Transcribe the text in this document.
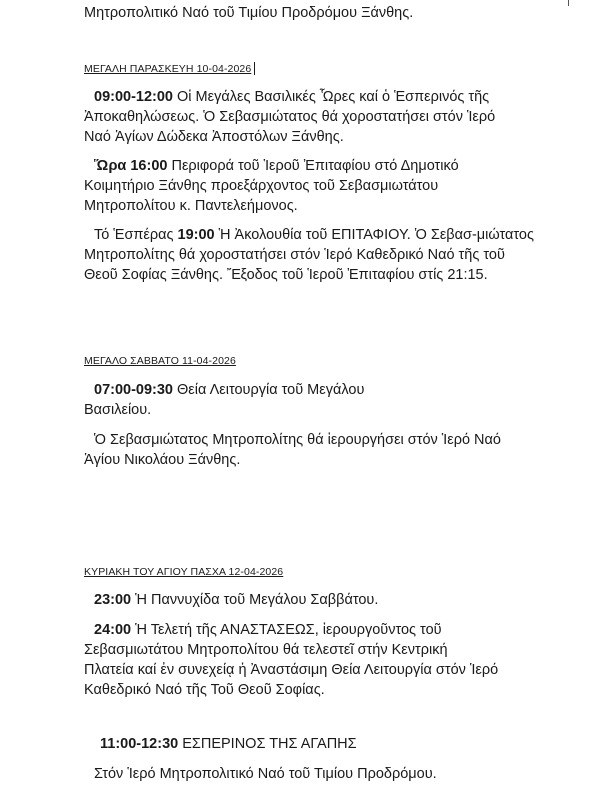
Μητροπολιτικό Ναό τοῦ Τιμίου Προδρόμου Ξάνθης.
ΜΕΓΑΛΗ ΠΑΡΑΣΚΕΥΗ 10-04-2026
09:00-12:00 Οἱ Μεγάλες Βασιλικές Ὧρες καί ὁ Ἑσπερινός τῆς
Ἀποκαθηλώσεως. Ὁ Σεβασμιώτατος θά χοροστατήσει στόν Ἱερό
Ναό Ἁγίων Δώδεκα Ἀποστόλων Ξάνθης.
Ὥρα 16:00 Περιφορά τοῦ Ἱεροῦ Ἐπιταφίου στό Δημοτικό
Κοιμητήριο Ξάνθης προεξάρχοντος τοῦ Σεβασμιωτάτου
Μητροπολίτου κ. Παντελεήμονος.
Τό Ἑσπέρας 19:00 Ἡ Ἀκολουθία τοῦ ΕΠΙΤΑΦΙΟΥ. Ὁ Σεβασ-μιώτατος
Μητροπολίτης θά χοροστατήσει στόν Ἱερό Καθεδρικό Ναό τῆς τοῦ
Θεοῦ Σοφίας Ξάνθης. Ἔξοδος τοῦ Ἱεροῦ Ἐπιταφίου στίς 21:15.
ΜΕΓΑΛΟ ΣΑΒΒΑΤΟ 11-04-2026
07:00-09:30 Θεία Λειτουργία τοῦ Μεγάλου
Βασιλείου.
Ὁ Σεβασμιώτατος Μητροπολίτης θά ἱερουργήσει στόν Ἱερό Ναό
Ἁγίου Νικολάου Ξάνθης.
ΚΥΡΙΑΚΗ ΤΟΥ ΑΓΙΟΥ ΠΑΣΧΑ 12-04-2026
23:00 Ἡ Παννυχίδα τοῦ Μεγάλου Σαββάτου.
24:00 Ἡ Τελετή τῆς ΑΝΑΣΤΑΣΕΩΣ, ἱερουργοῦντος τοῦ
Σεβασμιωτάτου Μητροπολίτου θά τελεστεῖ στήν Κεντρική
Πλατεία καί ἐν συνεχείᾳ ἡ Ἀναστάσιμη Θεία Λειτουργία στόν Ἱερό
Καθεδρικό Ναό τῆς Τοῦ Θεοῦ Σοφίας.
11:00-12:30 ΕΣΠΕΡΙΝΟΣ ΤΗΣ ΑΓΑΠΗΣ
Στόν Ἱερό Μητροπολιτικό Ναό τοῦ Τιμίου Προδρόμου.
